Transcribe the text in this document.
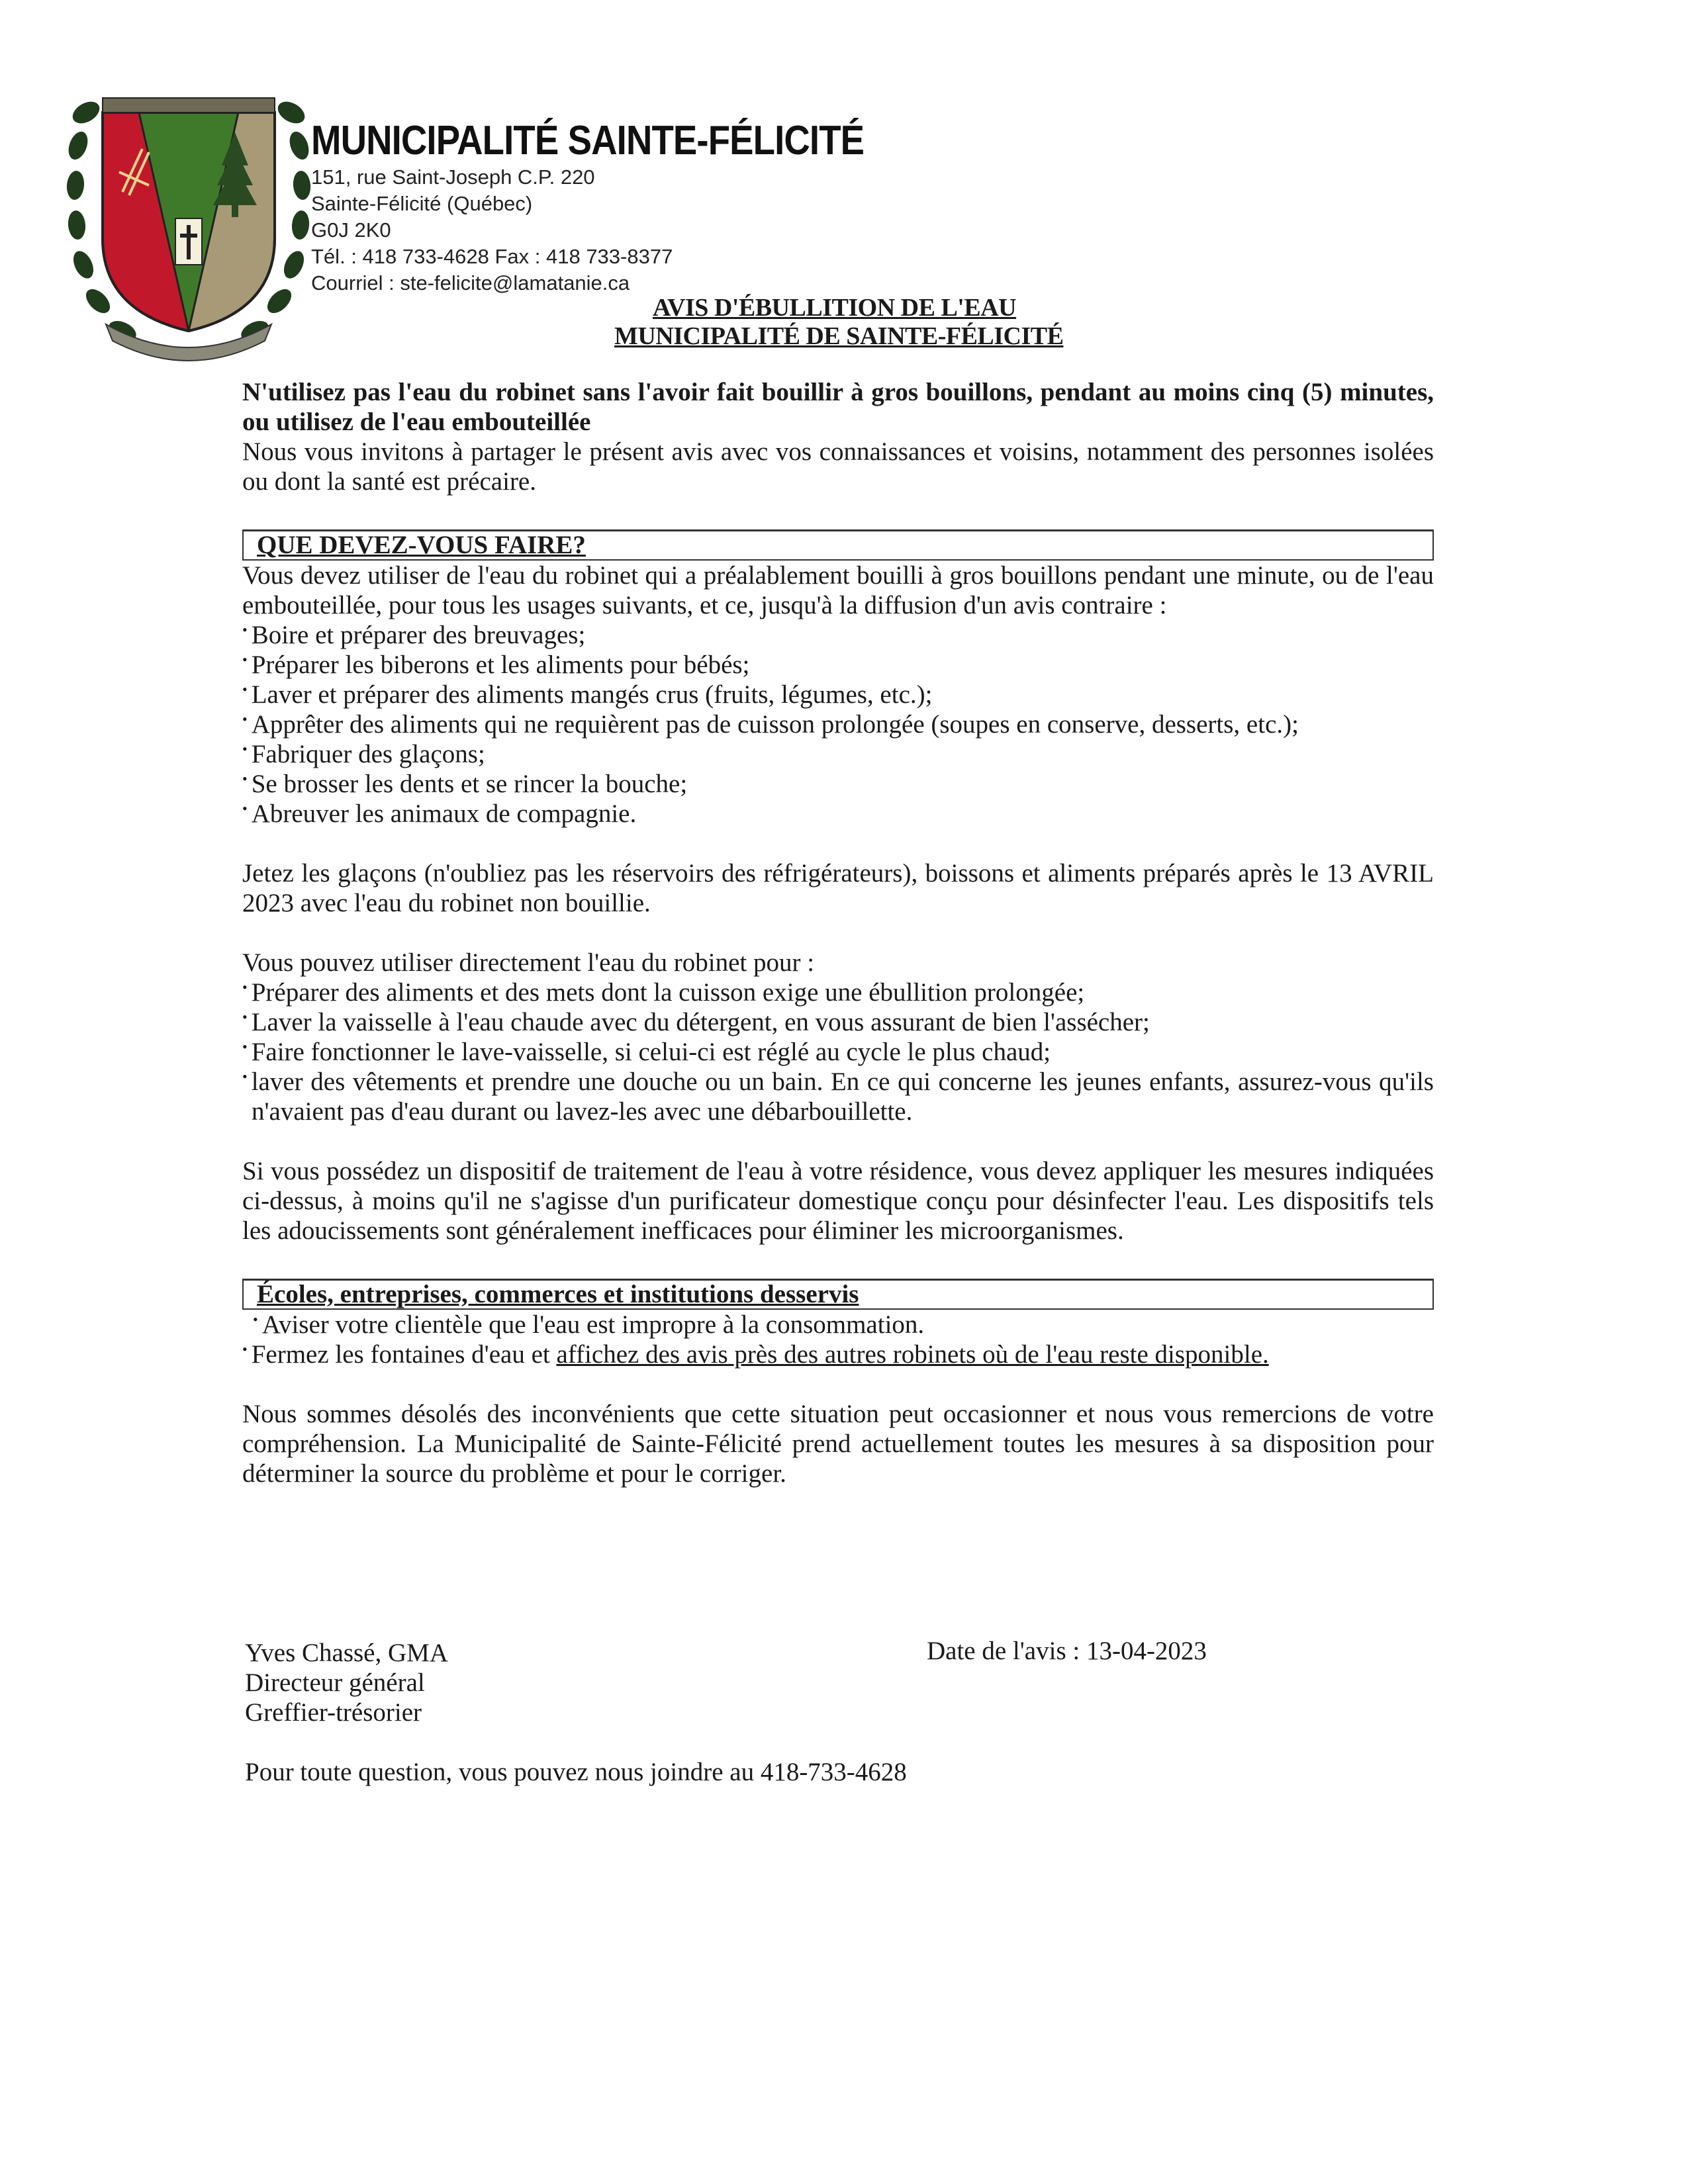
MUNICIPALITÉ SAINTE-FÉLICITÉ
151, rue Saint-Joseph C.P. 220
Sainte-Félicité (Québec)
G0J 2K0
Tél. : 418 733-4628 Fax : 418 733-8377
Courriel : ste-felicite@lamatanie.ca
AVIS D'ÉBULLITION DE L'EAU
MUNICIPALITÉ DE SAINTE-FÉLICITÉ

N'utilisez pas l'eau du robinet sans l'avoir fait bouillir à gros bouillons, pendant au moins cinq (5) minutes, ou utilisez de l'eau embouteillée

Nous vous invitons à partager le présent avis avec vos connaissances et voisins, notamment des personnes isolées ou dont la santé est précaire.

QUE DEVEZ-VOUS FAIRE?

Vous devez utiliser de l'eau du robinet qui a préalablement bouilli à gros bouillons pendant une minute, ou de l'eau embouteillée, pour tous les usages suivants, et ce, jusqu'à la diffusion d'un avis contraire :

• Boire et préparer des breuvages;

• Préparer les biberons et les aliments pour bébés;

• Laver et préparer des aliments mangés crus (fruits, légumes, etc.);

• Apprêter des aliments qui ne requièrent pas de cuisson prolongée (soupes en conserve, desserts, etc.);

• Fabriquer des glaçons;

• Se brosser les dents et se rincer la bouche;

• Abreuver les animaux de compagnie.

Jetez les glaçons (n'oubliez pas les réservoirs des réfrigérateurs), boissons et aliments préparés après le 13 AVRIL 2023 avec l'eau du robinet non bouillie.

Vous pouvez utiliser directement l'eau du robinet pour :

• Préparer des aliments et des mets dont la cuisson exige une ébullition prolongée;

• Laver la vaisselle à l'eau chaude avec du détergent, en vous assurant de bien l'assécher;

• Faire fonctionner le lave-vaisselle, si celui-ci est réglé au cycle le plus chaud;

• laver des vêtements et prendre une douche ou un bain. En ce qui concerne les jeunes enfants, assurez-vous qu'ils n'avaient pas d'eau durant ou lavez-les avec une débarbouillette.

Si vous possédez un dispositif de traitement de l'eau à votre résidence, vous devez appliquer les mesures indiquées ci-dessus, à moins qu'il ne s'agisse d'un purificateur domestique conçu pour désinfecter l'eau. Les dispositifs tels les adoucissements sont généralement inefficaces pour éliminer les microorganismes.

Écoles, entreprises, commerces et institutions desservis

• Aviser votre clientèle que l'eau est impropre à la consommation.

• Fermez les fontaines d'eau et affichez des avis près des autres robinets où de l'eau reste disponible.

Nous sommes désolés des inconvénients que cette situation peut occasionner et nous vous remercions de votre compréhension. La Municipalité de Sainte-Félicité prend actuellement toutes les mesures à sa disposition pour déterminer la source du problème et pour le corriger.

Yves Chassé, GMA
Directeur général
Greffier-trésorier
Date de l'avis : 13-04-2023
Pour toute question, vous pouvez nous joindre au 418-733-4628
